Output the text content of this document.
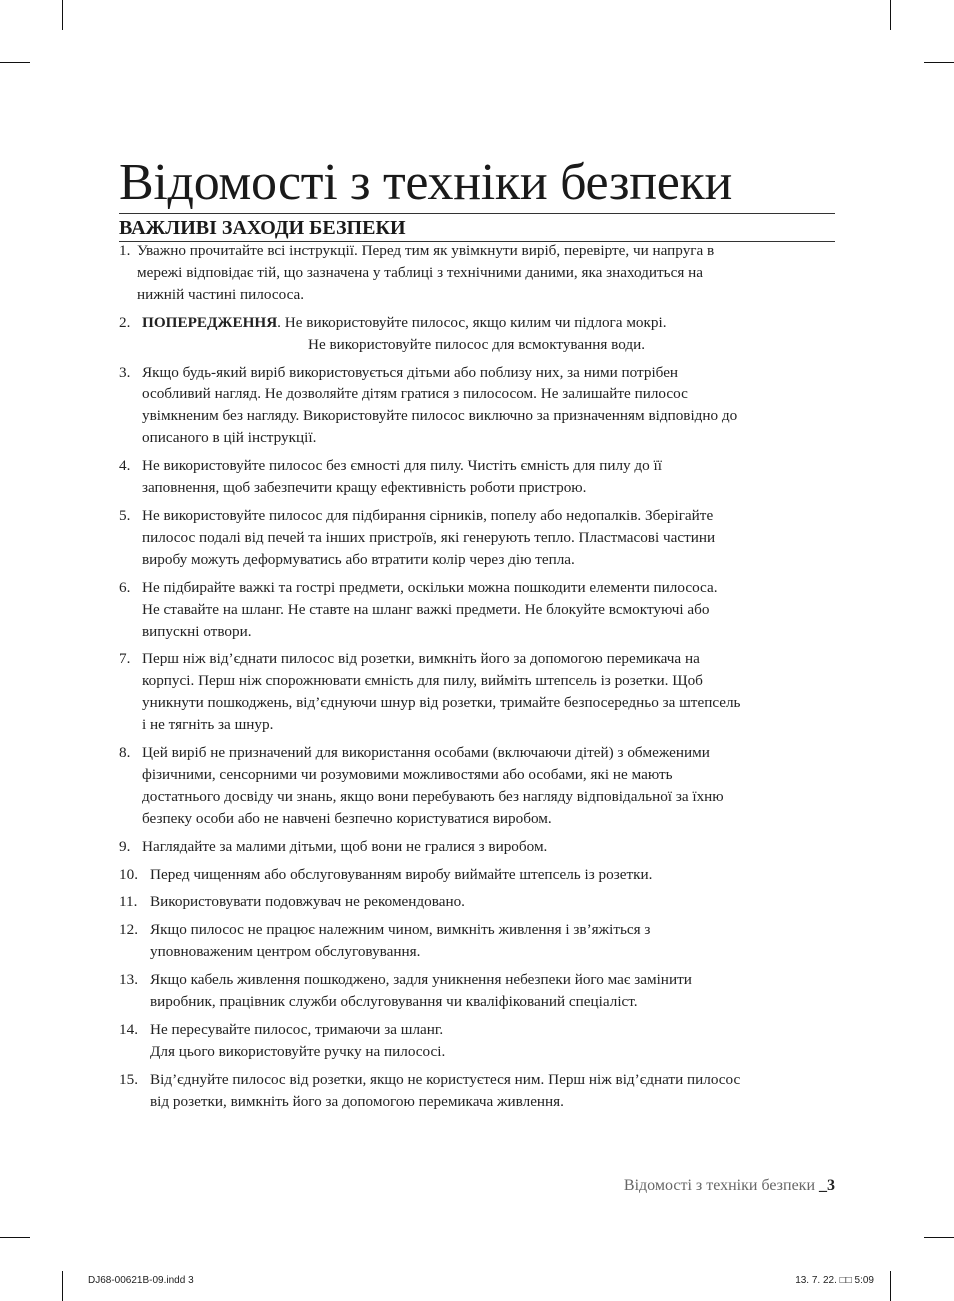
Відомості з техніки безпеки
ВАЖЛИВІ ЗАХОДИ БЕЗПЕКИ
1. Уважно прочитайте всі інструкції. Перед тим як увімкнути виріб, перевірте, чи напруга в
мережі відповідає тій, що зазначена у таблиці з технічними даними, яка знаходиться на
нижній частині пилососа.
2. ПОПЕРЕДЖЕННЯ. Не використовуйте пилосос, якщо килим чи підлога мокрі.
Не використовуйте пилосос для всмоктування води.
3. Якщо будь-який виріб використовується дітьми або поблизу них, за ними потрібен
особливий нагляд. Не дозволяйте дітям гратися з пилососом. Не залишайте пилосос
увімкненим без нагляду. Використовуйте пилосос виключно за призначенням відповідно до
описаного в цій інструкції.
4. Не використовуйте пилосос без ємності для пилу. Чистіть ємність для пилу до її
заповнення, щоб забезпечити кращу ефективність роботи пристрою.
5. Не використовуйте пилосос для підбирання сірників, попелу або недопалків. Зберігайте
пилосос подалі від печей та інших пристроїв, які генерують тепло. Пластмасові частини
виробу можуть деформуватись або втратити колір через дію тепла.
6. Не підбирайте важкі та гострі предмети, оскільки можна пошкодити елементи пилососа.
Не ставайте на шланг. Не ставте на шланг важкі предмети. Не блокуйте всмоктуючі або
випускні отвори.
7. Перш ніж від’єднати пилосос від розетки, вимкніть його за допомогою перемикача на
корпусі. Перш ніж спорожнювати ємність для пилу, вийміть штепсель із розетки. Щоб
уникнути пошкоджень, від’єднуючи шнур від розетки, тримайте безпосередньо за штепсель
і не тягніть за шнур.
8. Цей виріб не призначений для використання особами (включаючи дітей) з обмеженими
фізичними, сенсорними чи розумовими можливостями або особами, які не мають
достатнього досвіду чи знань, якщо вони перебувають без нагляду відповідальної за їхню
безпеку особи або не навчені безпечно користуватися виробом.
9. Наглядайте за малими дітьми, щоб вони не гралися з виробом.
10. Перед чищенням або обслуговуванням виробу виймайте штепсель із розетки.
11. Використовувати подовжувач не рекомендовано.
12. Якщо пилосос не працює належним чином, вимкніть живлення і зв’яжіться з
уповноваженим центром обслуговування.
13. Якщо кабель живлення пошкоджено, задля уникнення небезпеки його має замінити
виробник, працівник служби обслуговування чи кваліфікований спеціаліст.
14. Не пересувайте пилосос, тримаючи за шланг.
Для цього використовуйте ручку на пилососі.
15. Від’єднуйте пилосос від розетки, якщо не користуєтеся ним. Перш ніж від’єднати пилосос
від розетки, вимкніть його за допомогою перемикача живлення.
Відомості з техніки безпеки _3
DJ68-00621B-09.indd 3	13. 7. 22. □□ 5:09
